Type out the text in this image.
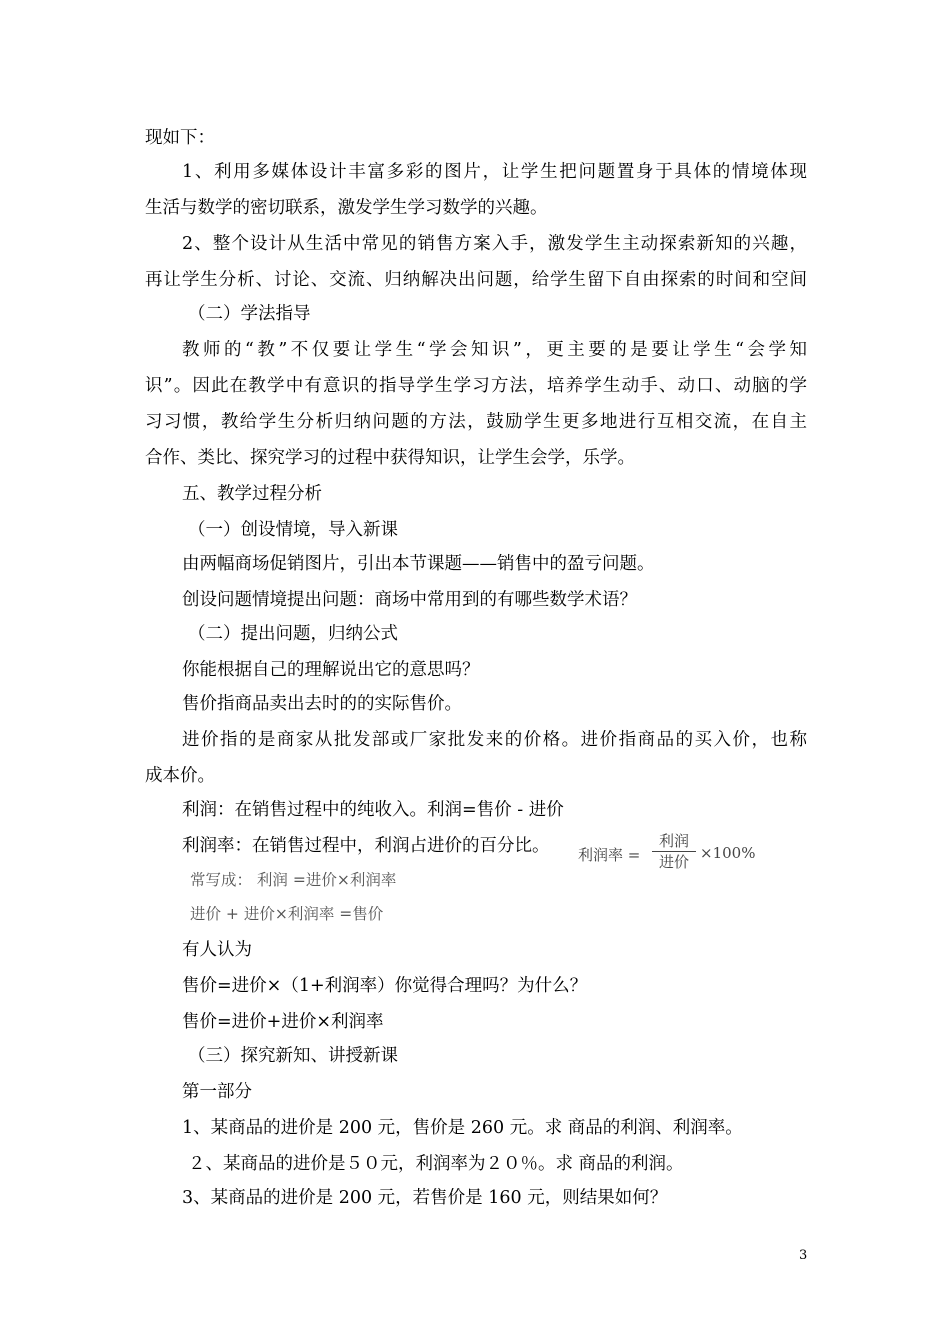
现如下：
1、利用多媒体设计丰富多彩的图片，让学生把问题置身于具体的情境体现
生活与数学的密切联系，激发学生学习数学的兴趣。
2、整个设计从生活中常见的销售方案入手，激发学生主动探索新知的兴趣，
再让学生分析、讨论、交流、归纳解决出问题，给学生留下自由探索的时间和空间
（二）学法指导
教师的“教”不仅要让学生“学会知识”，更主要的是要让学生“会学知
识”。因此在教学中有意识的指导学生学习方法，培养学生动手、动口、动脑的学
习习惯，教给学生分析归纳问题的方法，鼓励学生更多地进行互相交流，在自主
合作、类比、探究学习的过程中获得知识，让学生会学，乐学。
五、教学过程分析
（一）创设情境，导入新课
由两幅商场促销图片，引出本节课题——销售中的盈亏问题。
创设问题情境提出问题：商场中常用到的有哪些数学术语？
（二）提出问题，归纳公式
你能根据自己的理解说出它的意思吗？
售价指商品卖出去时的的实际售价。
进价指的是商家从批发部或厂家批发来的价格。进价指商品的买入价，也称
成本价。
利润：在销售过程中的纯收入。利润=售价 - 进价
利润率：在销售过程中，利润占进价的百分比。 利润率 =
利润
进价 ×100%
常写成： 利润 =进价×利润率
进价 + 进价×利润率 =售价
有人认为
售价=进价×（1+利润率）你觉得合理吗？为什么？
售价=进价+进价×利润率
（三）探究新知、讲授新课
第一部分
1、某商品的进价是 200 元，售价是 260 元。求 商品的利润、利润率。
２、某商品的进价是５０元，利润率为２０％。求 商品的利润。
3、某商品的进价是 200 元，若售价是 160 元，则结果如何？
3
